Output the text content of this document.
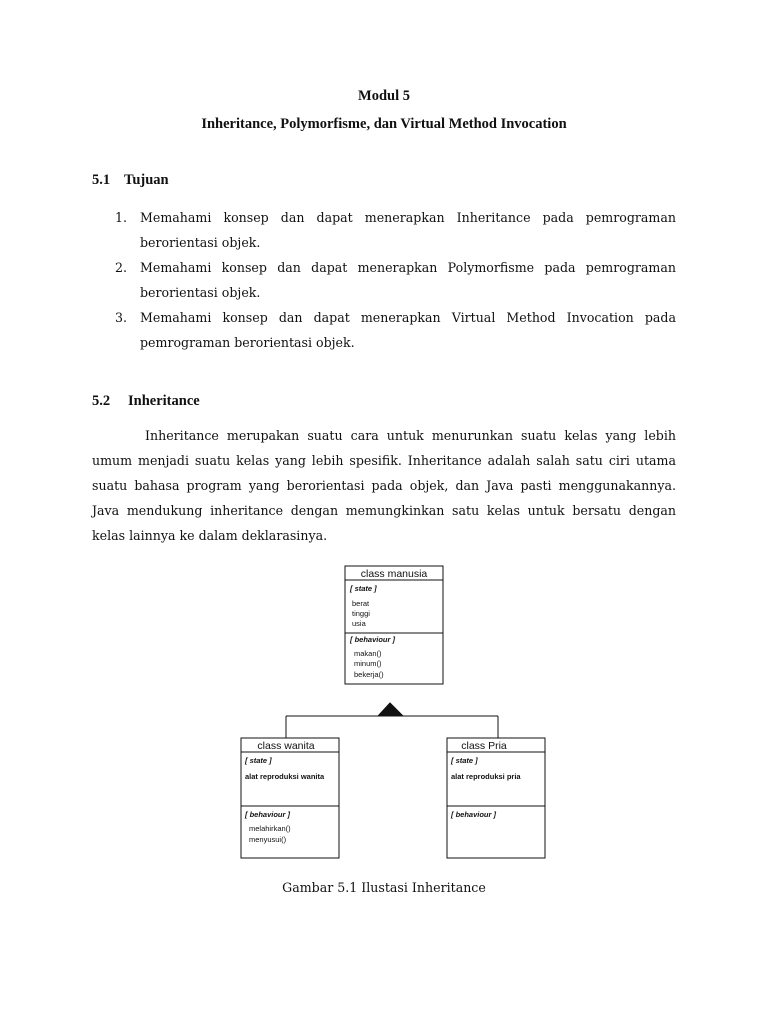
Modul 5
Inheritance, Polymorfisme, dan Virtual Method Invocation
5.1 Tujuan
1. Memahami konsep dan dapat menerapkan Inheritance pada pemrograman berorientasi objek.
2. Memahami konsep dan dapat menerapkan Polymorfisme pada pemrograman berorientasi objek.
3. Memahami konsep dan dapat menerapkan Virtual Method Invocation pada pemrograman berorientasi objek.
5.2 Inheritance
Inheritance merupakan suatu cara untuk menurunkan suatu kelas yang lebih umum menjadi suatu kelas yang lebih spesifik. Inheritance adalah salah satu ciri utama suatu bahasa program yang berorientasi pada objek, dan Java pasti menggunakannya. Java mendukung inheritance dengan memungkinkan satu kelas untuk bersatu dengan kelas lainnya ke dalam deklarasinya.
class manusia
[ state ]
berat
tinggi
usia
[ behaviour ]
makan()
minum()
bekerja()
class wanita
[ state ]
alat reproduksi wanita
[ behaviour ]
melahirkan()
menyusui()
class Pria
[ state ]
alat reproduksi pria
[ behaviour ]
Gambar 5.1 Ilustasi Inheritance
